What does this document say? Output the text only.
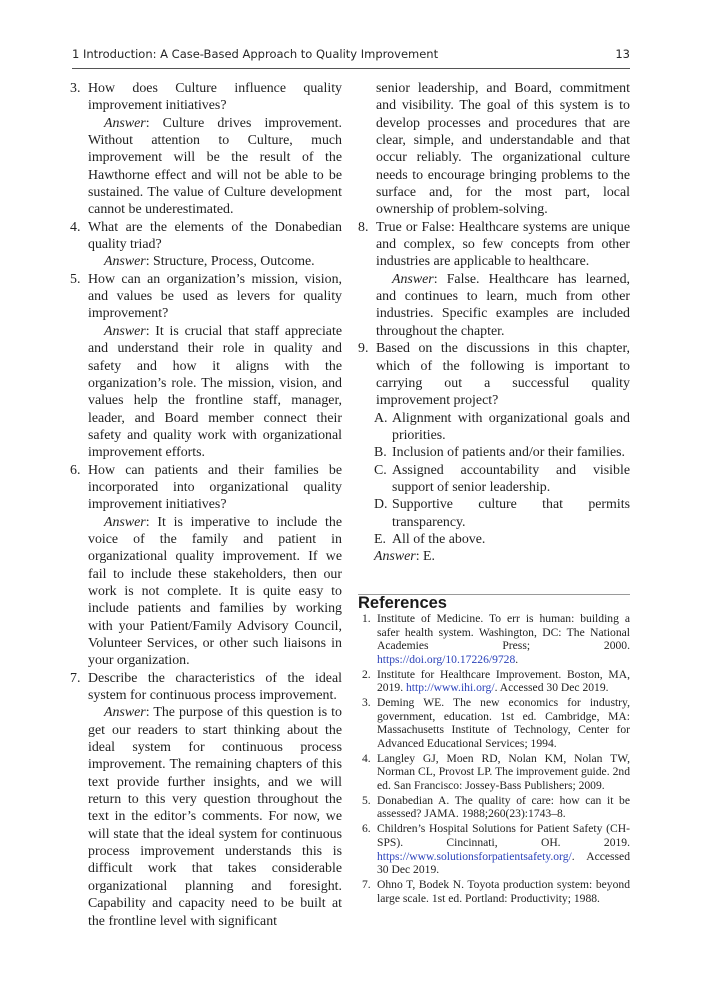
1 Introduction: A Case-Based Approach to Quality Improvement	13

3. How does Culture influence quality improvement initiatives?

Answer: Culture drives improvement. Without attention to Culture, much improvement will be the result of the Hawthorne effect and will not be able to be sustained. The value of Culture development cannot be underestimated.

4. What are the elements of the Donabedian quality triad?

Answer: Structure, Process, Outcome.

5. How can an organization’s mission, vision, and values be used as levers for quality improvement?

Answer: It is crucial that staff appreciate and understand their role in quality and safety and how it aligns with the organization’s role. The mission, vision, and values help the frontline staff, manager, leader, and Board member connect their safety and quality work with organizational improvement efforts.

6. How can patients and their families be incorporated into organizational quality improvement initiatives?

Answer: It is imperative to include the voice of the family and patient in organizational quality improvement. If we fail to include these stakeholders, then our work is not complete. It is quite easy to include patients and families by working with your Patient/Family Advisory Council, Volunteer Services, or other such liaisons in your organization.

7. Describe the characteristics of the ideal system for continuous process improvement.

Answer: The purpose of this question is to get our readers to start thinking about the ideal system for continuous process improvement. The remaining chapters of this text provide further insights, and we will return to this very question throughout the text in the editor’s comments. For now, we will state that the ideal system for continuous process improvement understands this is difficult work that takes considerable organizational planning and foresight. Capability and capacity need to be built at the frontline level with significant

senior leadership, and Board, commitment and visibility. The goal of this system is to develop processes and procedures that are clear, simple, and understandable and that occur reliably. The organizational culture needs to encourage bringing problems to the surface and, for the most part, local ownership of problem-solving.

8. True or False: Healthcare systems are unique and complex, so few concepts from other industries are applicable to healthcare.

Answer: False. Healthcare has learned, and continues to learn, much from other industries. Specific examples are included throughout the chapter.

9. Based on the discussions in this chapter, which of the following is important to carrying out a successful quality improvement project?

A. Alignment with organizational goals and priorities.

B. Inclusion of patients and/or their families.

C. Assigned accountability and visible support of senior leadership.

D. Supportive culture that permits transparency.

E. All of the above.

Answer: E.

References

1. Institute of Medicine. To err is human: building a safer health system. Washington, DC: The National Academies Press; 2000. https://doi.org/10.17226/9728.

2. Institute for Healthcare Improvement. Boston, MA, 2019. http://www.ihi.org/. Accessed 30 Dec 2019.

3. Deming WE. The new economics for industry, government, education. 1st ed. Cambridge, MA: Massachusetts Institute of Technology, Center for Advanced Educational Services; 1994.

4. Langley GJ, Moen RD, Nolan KM, Nolan TW, Norman CL, Provost LP. The improvement guide. 2nd ed. San Francisco: Jossey-Bass Publishers; 2009.

5. Donabedian A. The quality of care: how can it be assessed? JAMA. 1988;260(23):1743–8.

6. Children’s Hospital Solutions for Patient Safety (CH-SPS). Cincinnati, OH. 2019. https://www.solutionsforpatientsafety.org/. Accessed 30 Dec 2019.

7. Ohno T, Bodek N. Toyota production system: beyond large scale. 1st ed. Portland: Productivity; 1988.
